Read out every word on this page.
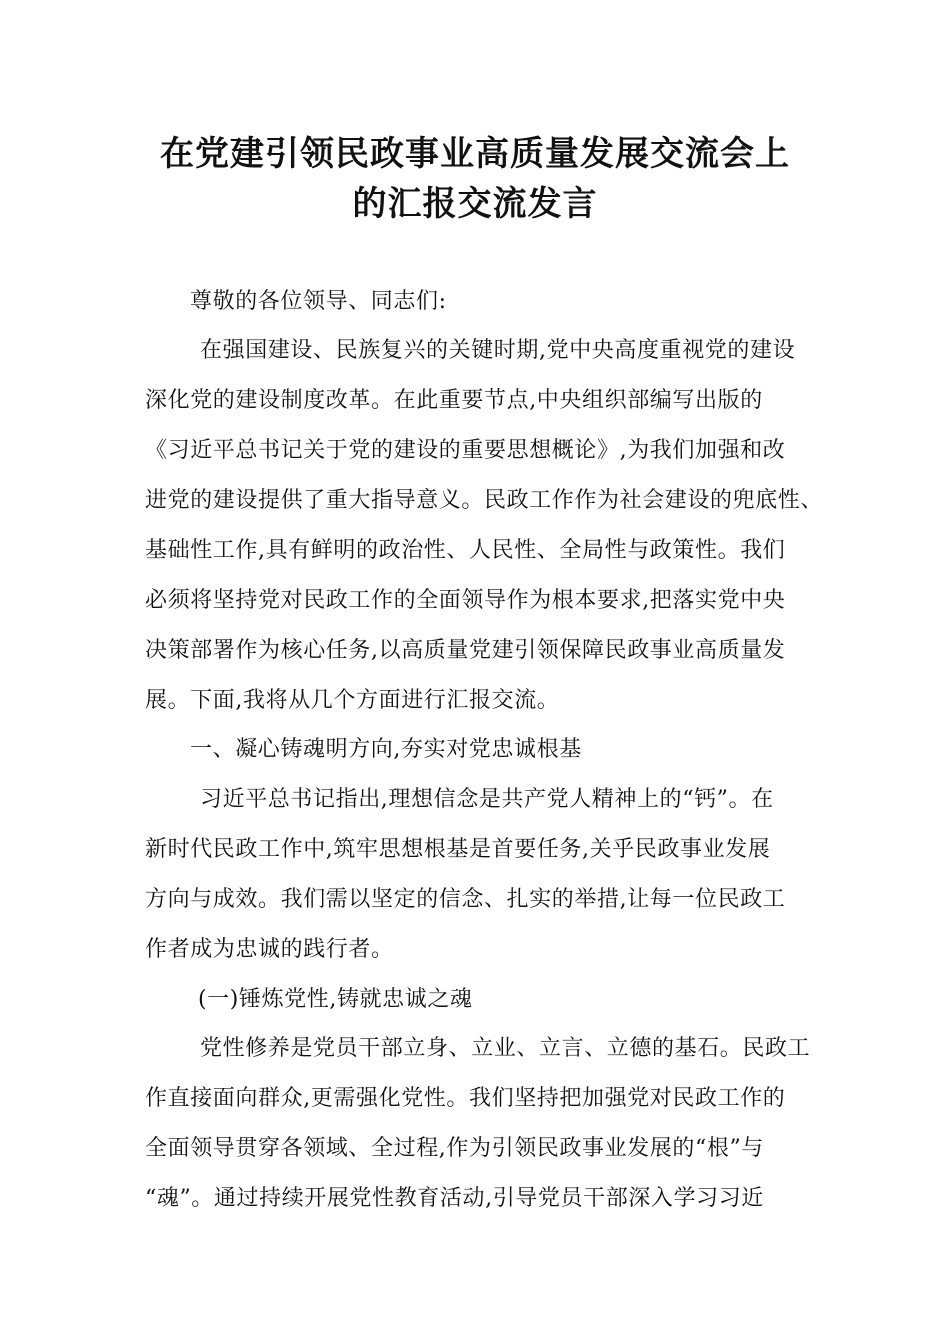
在党建引领民政事业高质量发展交流会上
的汇报交流发言
尊敬的各位领导、同志们:
在强国建设、民族复兴的关键时期,党中央高度重视党的建设
深化党的建设制度改革。在此重要节点,中央组织部编写出版的
《习近平总书记关于党的建设的重要思想概论》,为我们加强和改
进党的建设提供了重大指导意义。民政工作作为社会建设的兜底性、
基础性工作,具有鲜明的政治性、人民性、全局性与政策性。我们
必须将坚持党对民政工作的全面领导作为根本要求,把落实党中央
决策部署作为核心任务,以高质量党建引领保障民政事业高质量发
展。下面,我将从几个方面进行汇报交流。
一、凝心铸魂明方向,夯实对党忠诚根基
习近平总书记指出,理想信念是共产党人精神上的“钙”。在
新时代民政工作中,筑牢思想根基是首要任务,关乎民政事业发展
方向与成效。我们需以坚定的信念、扎实的举措,让每一位民政工
作者成为忠诚的践行者。
(一)锤炼党性,铸就忠诚之魂
党性修养是党员干部立身、立业、立言、立德的基石。民政工
作直接面向群众,更需强化党性。我们坚持把加强党对民政工作的
全面领导贯穿各领域、全过程,作为引领民政事业发展的“根”与
“魂”。通过持续开展党性教育活动,引导党员干部深入学习习近
